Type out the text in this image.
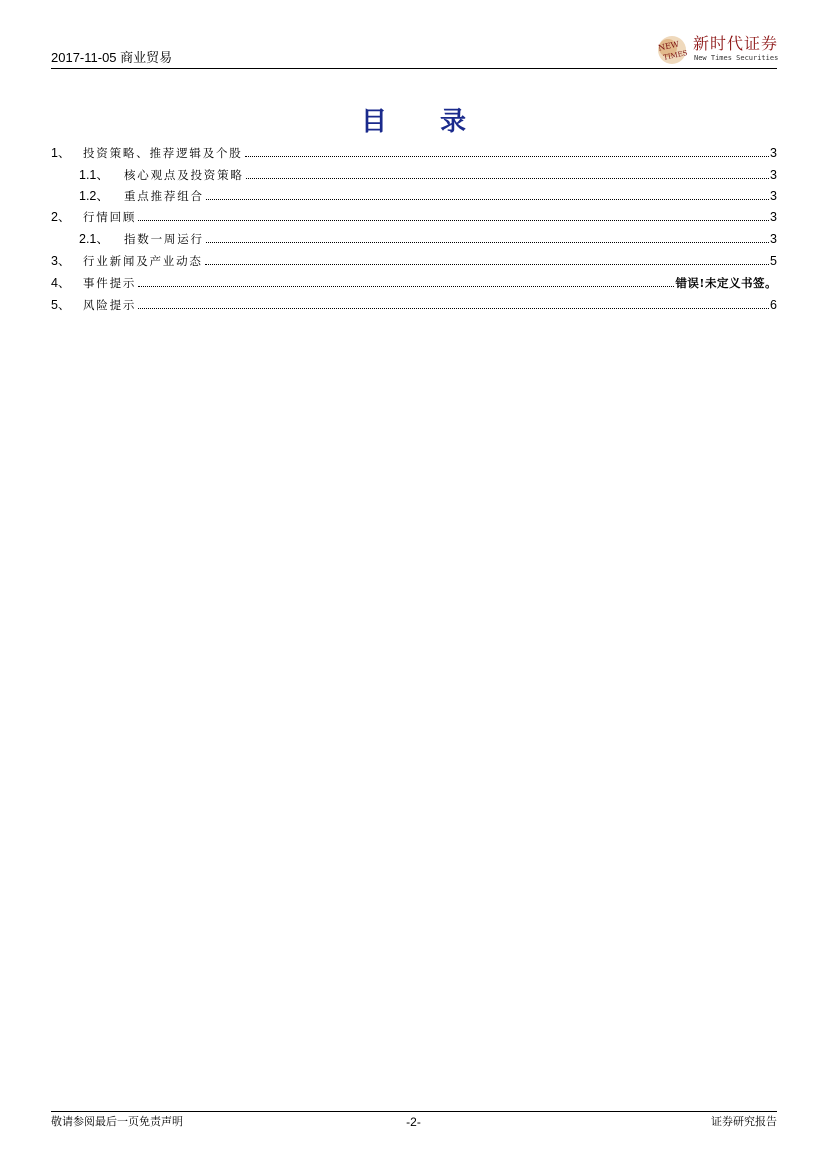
2017-11-05 商业贸易
NEW
TIMES
新时代证券
New Times Securities
目 录
1、	投资策略、推荐逻辑及个股	3
1.1、	核心观点及投资策略	3
1.2、	重点推荐组合	3
2、	行情回顾	3
2.1、	指数一周运行	3
3、	行业新闻及产业动态	5
4、	事件提示	错误!未定义书签。
5、	风险提示	6
敬请参阅最后一页免责声明	-2-	证券研究报告
